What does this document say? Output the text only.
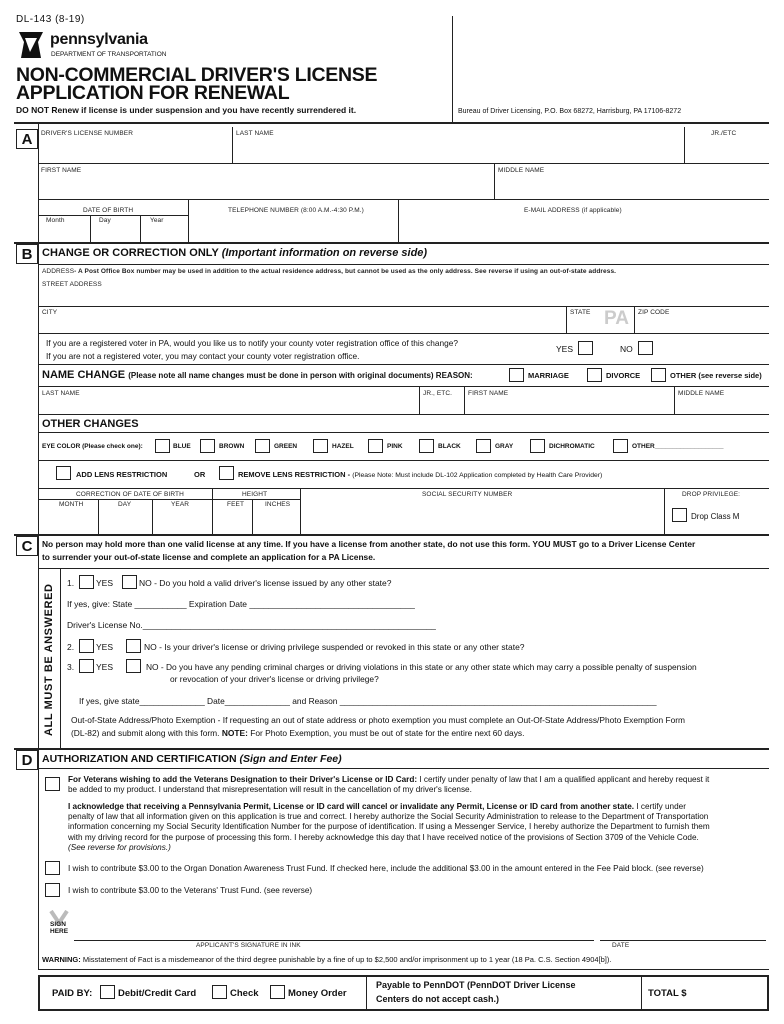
DL-143 (8-19)
pennsylvania
DEPARTMENT OF TRANSPORTATION
NON-COMMERCIAL DRIVER'S LICENSE
APPLICATION FOR RENEWAL
DO NOT Renew if license is under suspension and you have recently surrendered it.	Bureau of Driver Licensing, P.O. Box 68272, Harrisburg, PA 17106-8272
A	DRIVER'S LICENSE NUMBER	LAST NAME	JR./ETC
FIRST NAME	MIDDLE NAME
DATE OF BIRTH
Month	Day	Year
TELEPHONE NUMBER (8:00 A.M.-4:30 P.M.)	E-MAIL ADDRESS (if applicable)
B CHANGE OR CORRECTION ONLY (Important information on reverse side)
ADDRESS- A Post Office Box number may be used in addition to the actual residence address, but cannot be used as the only address. See reverse if using an out-of-state address.
STREET ADDRESS
CITY	STATE PA ZIP CODE
If you are a registered voter in PA, would you like us to notify your county voter registration office of this change?
If you are not a registered voter, you may contact your county voter registration office.
YES	NO
NAME CHANGE (Please note all name changes must be done in person with original documents) REASON:	MARRIAGE	DIVORCE	OTHER (see reverse side)
LAST NAME	JR., ETC. FIRST NAME	MIDDLE NAME
OTHER CHANGES
EYE COLOR (Please check one):	BLUE	BROWN	GREEN	HAZEL	PINK	BLACK	GRAY	DICHROMATIC	OTHER___________________
ADD LENS RESTRICTION	OR	REMOVE LENS RESTRICTION - (Please Note: Must include DL-102 Application completed by Health Care Provider)
CORRECTION OF DATE OF BIRTH
MONTH	DAY	YEAR
HEIGHT
FEET	INCHES
SOCIAL SECURITY NUMBER	DROP PRIVILEGE:
Drop Class M
C	No person may hold more than one valid license at any time. If you have a license from another state, do not use this form. YOU MUST go to a Driver License Center
to surrender your out-of-state license and complete an application for a PA License.
ALL MUST BE ANSWERED
1.	YES	NO - Do you hold a valid driver's license issued by any other state?
If yes, give: State ___________ Expiration Date ___________________________________
Driver's License No.______________________________________________________________
2.	YES	NO - Is your driver's license or driving privilege suspended or revoked in this state or any other state?
3.	YES	NO - Do you have any pending criminal charges or driving violations in this state or any other state which may carry a possible penalty of suspension
or revocation of your driver's license or driving privilege?
If yes, give state______________ Date______________ and Reason ____________________________________________________________________
Out-of-State Address/Photo Exemption - If requesting an out of state address or photo exemption you must complete an Out-Of-State Address/Photo Exemption Form
(DL-82) and submit along with this form. NOTE: For Photo Exemption, you must be out of state for the entire next 60 days.
D AUTHORIZATION AND CERTIFICATION (Sign and Enter Fee)
For Veterans wishing to add the Veterans Designation to their Driver's License or ID Card: I certify under penalty of law that I am a qualified applicant and hereby request it
be added to my product. I understand that misrepresentation will result in the cancellation of my driver's license.
I acknowledge that receiving a Pennsylvania Permit, License or ID card will cancel or invalidate any Permit, License or ID card from another state. I certify under
penalty of law that all information given on this application is true and correct. I hereby authorize the Social Security Administration to release to the Department of Transportation
information concerning my Social Security Identification Number for the purpose of identification. If using a Messenger Service, I hereby authorize the Department to furnish them
with my driving record for the purpose of processing this form. I hereby acknowledge this day that I have received notice of the provisions of Section 3709 of the Vehicle Code.
(See reverse for provisions.)
I wish to contribute $3.00 to the Organ Donation Awareness Trust Fund. If checked here, include the additional $3.00 in the amount entered in the Fee Paid block. (see reverse)
I wish to contribute $3.00 to the Veterans' Trust Fund. (see reverse)
SIGN
HERE
APPLICANT'S SIGNATURE IN INK	DATE
WARNING: Misstatement of Fact is a misdemeanor of the third degree punishable by a fine of up to $2,500 and/or imprisonment up to 1 year (18 Pa. C.S. Section 4904[b]).
PAID BY:	Debit/Credit Card	Check	Money Order
Payable to PennDOT (PennDOT Driver License
Centers do not accept cash.)	TOTAL $
